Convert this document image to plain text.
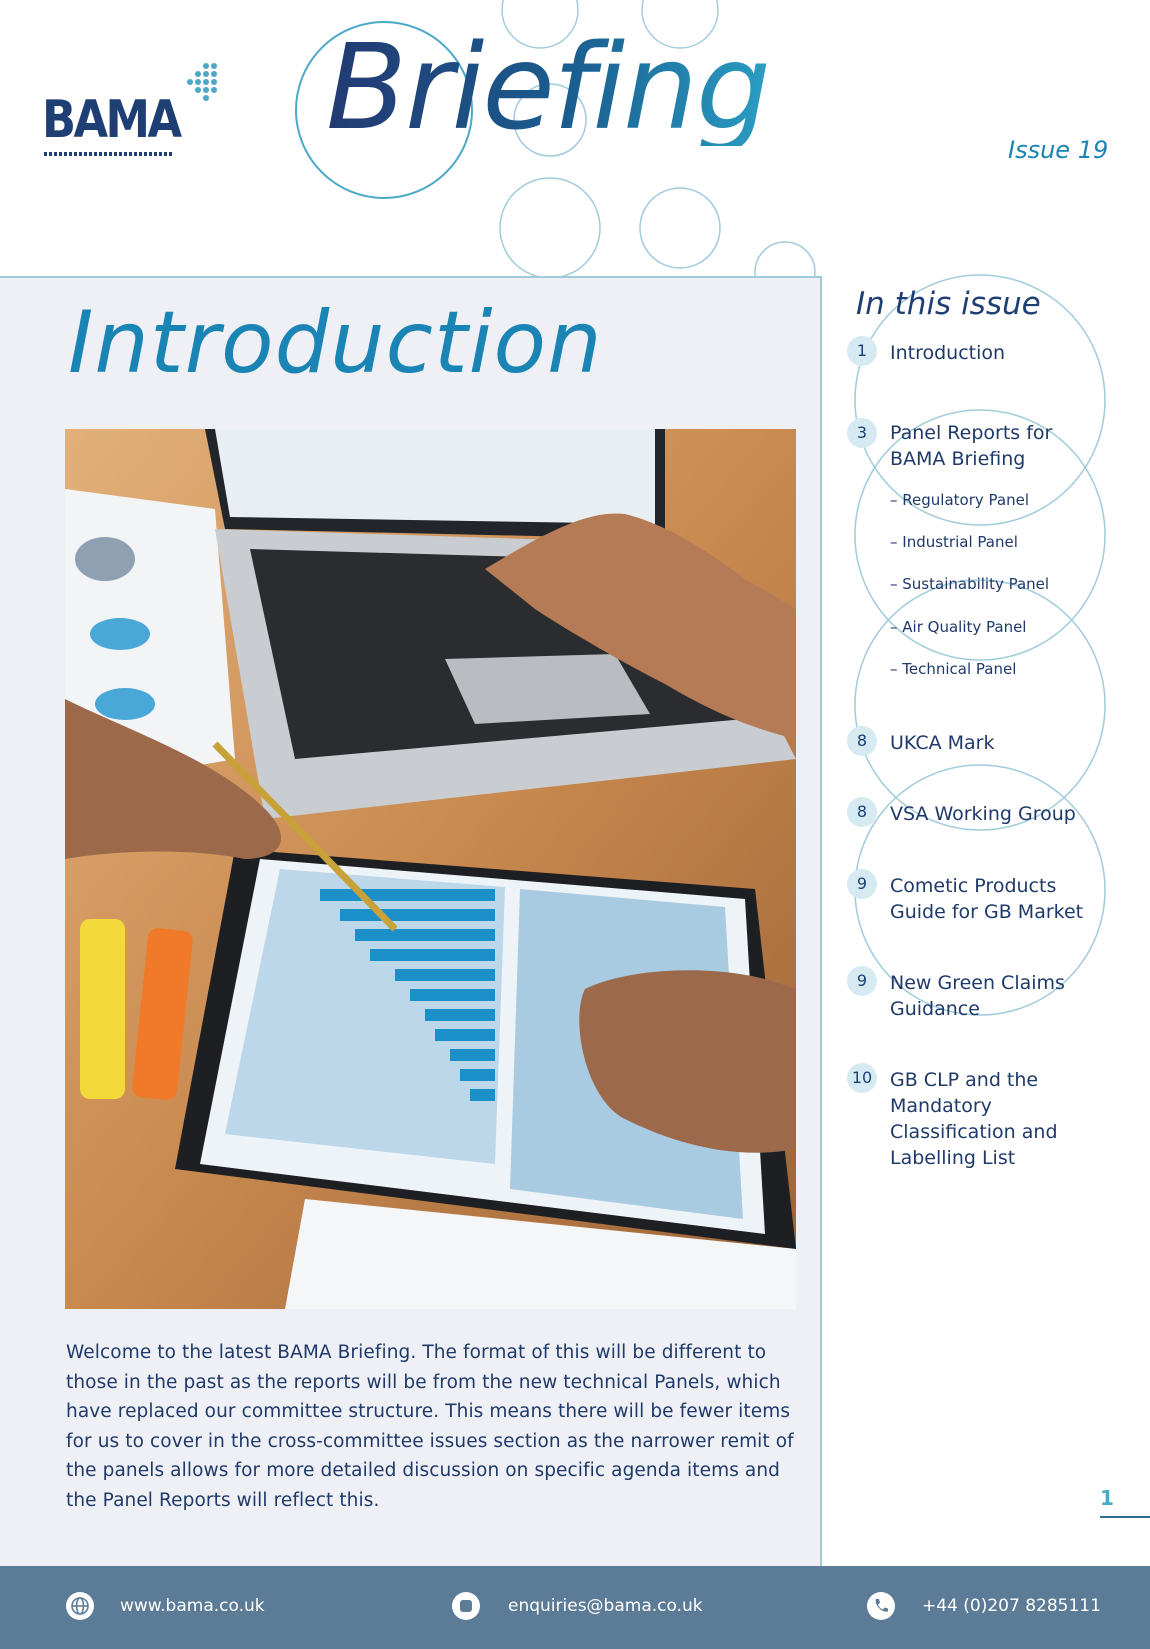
BAMA Briefing	Issue 19
Introduction
Welcome to the latest BAMA Briefing. The format of this will be different to those in the past as the reports will be from the new technical Panels, which have replaced our committee structure. This means there will be fewer items for us to cover in the cross-committee issues section as the narrower remit of the panels allows for more detailed discussion on specific agenda items and the Panel Reports will reflect this.
In this issue
1	Introduction
3	Panel Reports for BAMA Briefing
– Regulatory Panel
– Industrial Panel
– Sustainability Panel
– Air Quality Panel
– Technical Panel
8	UKCA Mark
8	VSA Working Group
9	Cometic Products Guide for GB Market
9	New Green Claims Guidance
10 GB CLP and the Mandatory Classification and Labelling List
1
www.bama.co.uk	enquiries@bama.co.uk	+44 (0)207 8285111
